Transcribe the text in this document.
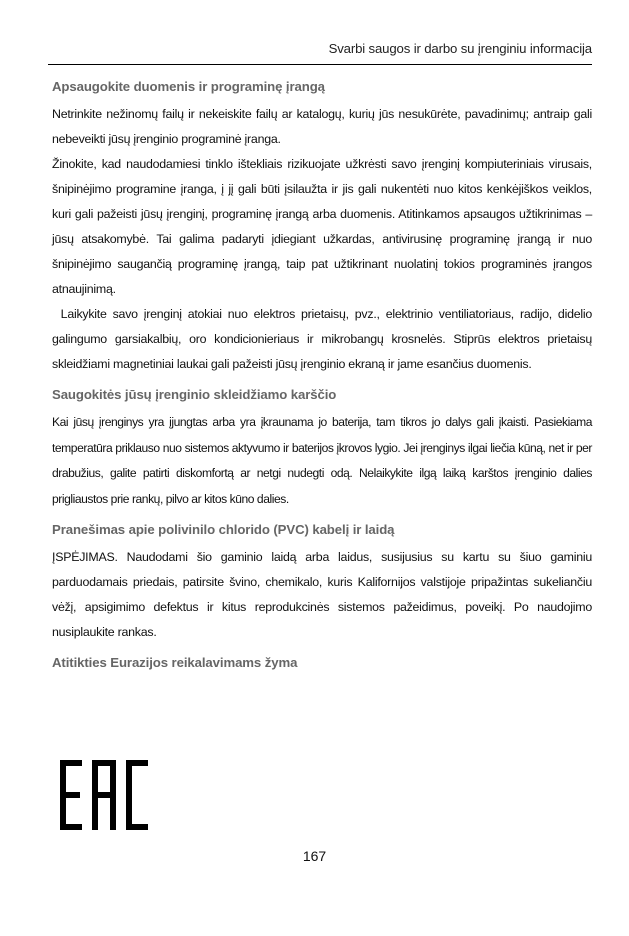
Svarbi saugos ir darbo su įrenginiu informacija
Apsaugokite duomenis ir programinę įrangą

Netrinkite nežinomų failų ir nekeiskite failų ar katalogų, kurių jūs nesukūrėte, pavadinimų; antraip gali nebeveikti jūsų įrenginio programinė įranga.

Žinokite, kad naudodamiesi tinklo ištekliais rizikuojate užkrėsti savo įrenginį kompiuteriniais virusais, šnipinėjimo programine įranga, į jį gali būti įsilaužta ir jis gali nukentėti nuo kitos kenkėjiškos veiklos, kuri gali pažeisti jūsų įrenginį, programinę įrangą arba duomenis. Atitinkamos apsaugos užtikrinimas – jūsų atsakomybė. Tai galima padaryti įdiegiant užkardas, antivirusinę programinę įrangą ir nuo šnipinėjimo saugančią programinę įrangą, taip pat užtikrinant nuolatinį tokios programinės įrangos atnaujinimą.

Laikykite savo įrenginį atokiai nuo elektros prietaisų, pvz., elektrinio ventiliatoriaus, radijo, didelio galingumo garsiakalbių, oro kondicionieriaus ir mikrobangų krosnelės. Stiprūs elektros prietaisų skleidžiami magnetiniai laukai gali pažeisti jūsų įrenginio ekraną ir jame esančius duomenis.

Saugokitės jūsų įrenginio skleidžiamo karščio

Kai jūsų įrenginys yra įjungtas arba yra įkraunama jo baterija, tam tikros jo dalys gali įkaisti. Pasiekiama temperatūra priklauso nuo sistemos aktyvumo ir baterijos įkrovos lygio. Jei įrenginys ilgai liečia kūną, net ir per drabužius, galite patirti diskomfortą ar netgi nudegti odą. Nelaikykite ilgą laiką karštos įrenginio dalies prigliaustos prie rankų, pilvo ar kitos kūno dalies.

Pranešimas apie polivinilo chlorido (PVC) kabelį ir laidą

ĮSPĖJIMAS. Naudodami šio gaminio laidą arba laidus, susijusius su kartu su šiuo gaminiu parduodamais priedais, patirsite švino, chemikalo, kuris Kalifornijos valstijoje pripažintas sukeliančiu vėžį, apsigimimo defektus ir kitus reprodukcinės sistemos pažeidimus, poveikį. Po naudojimo nusiplaukite rankas.

Atitikties Eurazijos reikalavimams žyma
167
